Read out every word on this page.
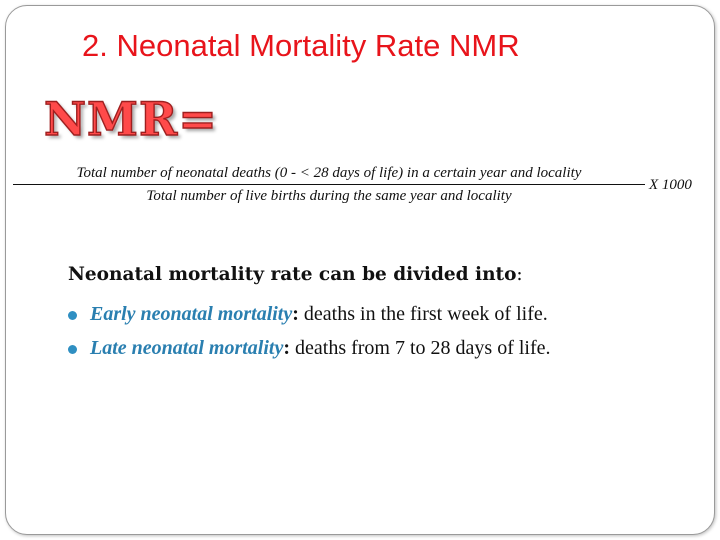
2. Neonatal Mortality Rate NMR
NMR=
Total number of neonatal deaths (0 - < 28 days of life) in a certain year and locality
Total number of live births during the same year and locality
X 1000
Neonatal mortality rate can be divided into:
Early neonatal mortality: deaths in the first week of life.
Late neonatal mortality: deaths from 7 to 28 days of life.
